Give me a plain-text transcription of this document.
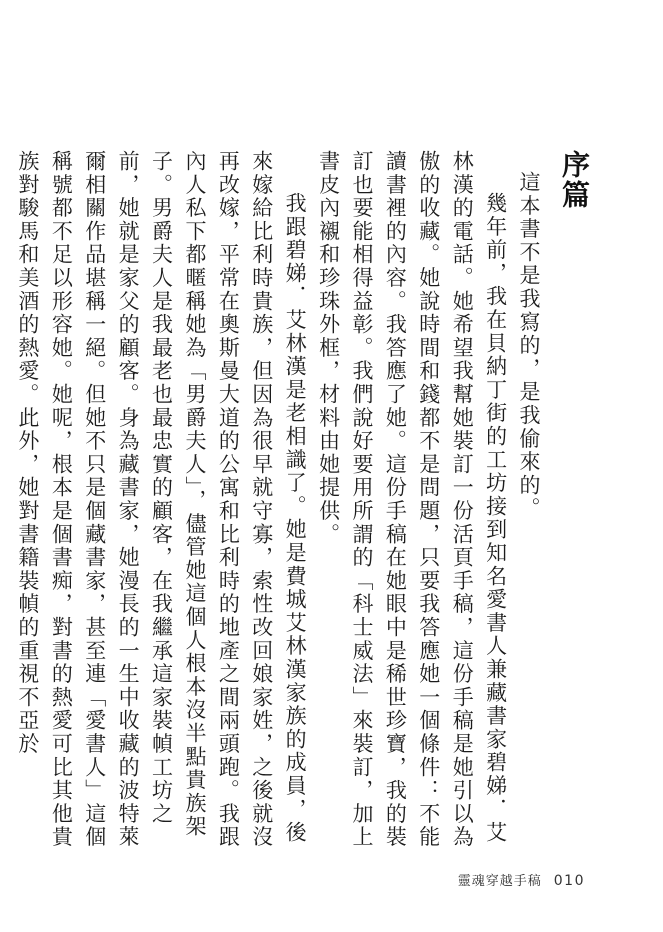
序篇

這本書不是我寫的，是我偷來的。

幾年前，我在貝納丁街的工坊接到知名愛書人兼藏書家碧娣．艾林漢的電話。她希望我幫她裝訂一份活頁手稿，這份手稿是她引以為傲的收藏。她說時間和錢都不是問題，只要我答應她一個條件：不能讀書裡的內容。我答應了她。這份手稿在她眼中是稀世珍寶，我的裝訂也要能相得益彰。我們說好要用所謂的「科士威法」來裝訂，加上書皮內襯和珍珠外框，材料由她提供。

我跟碧娣．艾林漢是老相識了。她是費城艾林漢家族的成員，後來嫁給比利時貴族，但因為很早就守寡，索性改回娘家姓，之後就沒再改嫁，平常在奧斯曼大道的公寓和比利時的地產之間兩頭跑。我跟內人私下都暱稱她為「男爵夫人」，儘管她這個人根本沒半點貴族架子。男爵夫人是我最老也最忠實的顧客，在我繼承這家裝幀工坊之前，她就是家父的顧客。身為藏書家，她漫長的一生中收藏的波特萊爾相關作品堪稱一絕。但她不只是個藏書家，甚至連「愛書人」這個稱號都不足以形容她。她呢，根本是個書痴，對書的熱愛可比其他貴族對駿馬和美酒的熱愛。此外，她對書籍裝幀的重視不亞於

靈魂穿越手稿 010
